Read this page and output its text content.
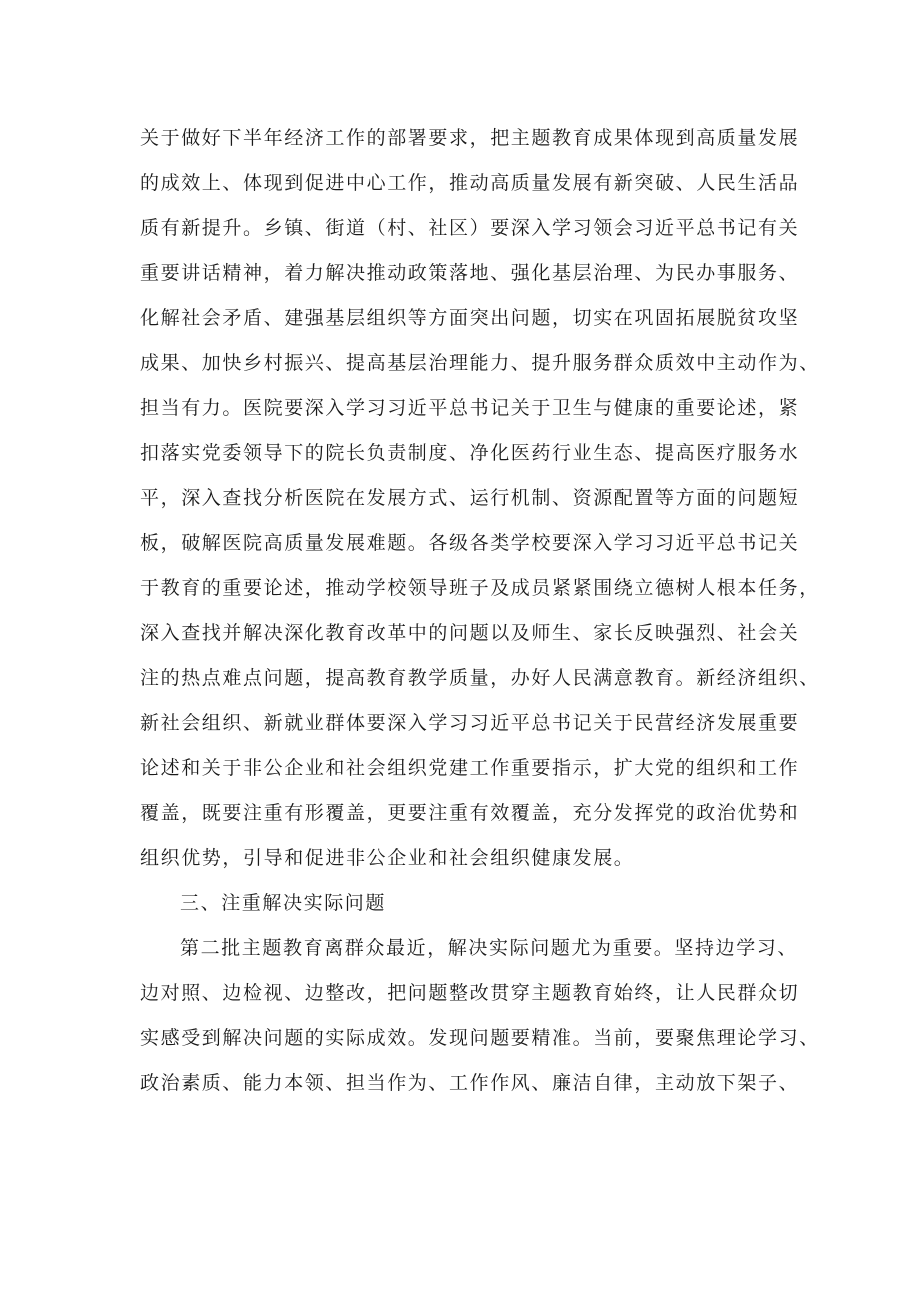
关于做好下半年经济工作的部署要求，把主题教育成果体现到高质量发展
的成效上、体现到促进中心工作，推动高质量发展有新突破、人民生活品
质有新提升。乡镇、街道（村、社区）要深入学习领会习近平总书记有关
重要讲话精神，着力解决推动政策落地、强化基层治理、为民办事服务、
化解社会矛盾、建强基层组织等方面突出问题，切实在巩固拓展脱贫攻坚
成果、加快乡村振兴、提高基层治理能力、提升服务群众质效中主动作为、
担当有力。医院要深入学习习近平总书记关于卫生与健康的重要论述，紧
扣落实党委领导下的院长负责制度、净化医药行业生态、提高医疗服务水
平，深入查找分析医院在发展方式、运行机制、资源配置等方面的问题短
板，破解医院高质量发展难题。各级各类学校要深入学习习近平总书记关
于教育的重要论述，推动学校领导班子及成员紧紧围绕立德树人根本任务，
深入查找并解决深化教育改革中的问题以及师生、家长反映强烈、社会关
注的热点难点问题，提高教育教学质量，办好人民满意教育。新经济组织、
新社会组织、新就业群体要深入学习习近平总书记关于民营经济发展重要
论述和关于非公企业和社会组织党建工作重要指示，扩大党的组织和工作
覆盖，既要注重有形覆盖，更要注重有效覆盖，充分发挥党的政治优势和
组织优势，引导和促进非公企业和社会组织健康发展。
三、注重解决实际问题
第二批主题教育离群众最近，解决实际问题尤为重要。坚持边学习、
边对照、边检视、边整改，把问题整改贯穿主题教育始终，让人民群众切
实感受到解决问题的实际成效。发现问题要精准。当前，要聚焦理论学习、
政治素质、能力本领、担当作为、工作作风、廉洁自律，主动放下架子、
